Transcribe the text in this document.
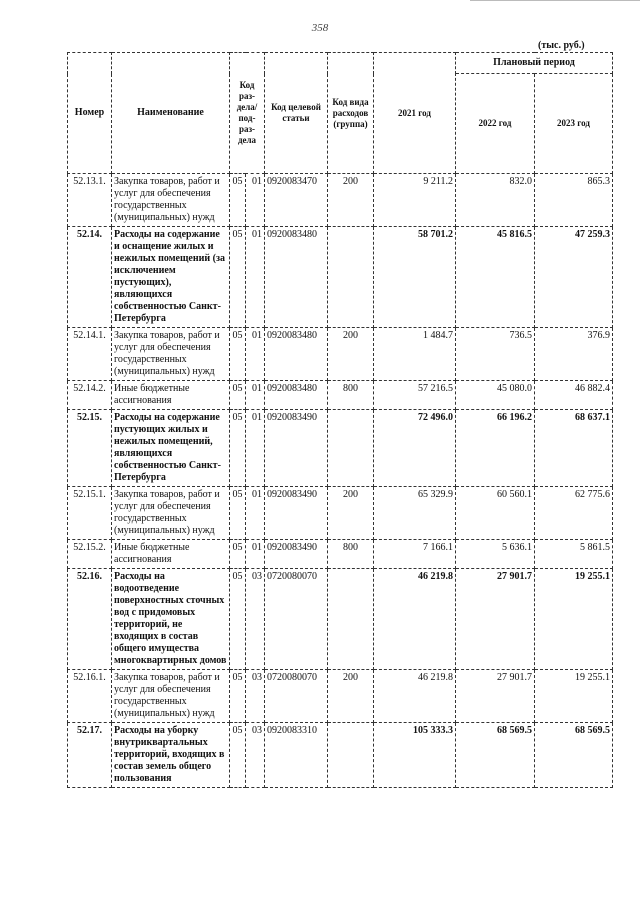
358
(тыс. руб.)
Номер	Наименование	Код раз-дела/ под-раз-дела		Код целевой статьи	Код вида расходов (группа)	2021 год	Плановый период	
							2022 год	2023 год
52.13.1.	Закупка товаров, работ и услуг для обеспечения государственных (муниципальных) нужд	05	01	0920083470	200	9 211.2	832.0	865.3
52.14.	Расходы на содержание и оснащение жилых и нежилых помещений (за исключением пустующих), являющихся собственностью Санкт-Петербурга	05	01	0920083480		58 701.2	45 816.5	47 259.3
52.14.1.	Закупка товаров, работ и услуг для обеспечения государственных (муниципальных) нужд	05	01	0920083480	200	1 484.7	736.5	376.9
52.14.2.	Иные бюджетные ассигнования	05	01	0920083480	800	57 216.5	45 080.0	46 882.4
52.15.	Расходы на содержание пустующих жилых и нежилых помещений, являющихся собственностью Санкт-Петербурга	05	01	0920083490		72 496.0	66 196.2	68 637.1
52.15.1.	Закупка товаров, работ и услуг для обеспечения государственных (муниципальных) нужд	05	01	0920083490	200	65 329.9	60 560.1	62 775.6
52.15.2.	Иные бюджетные ассигнования	05	01	0920083490	800	7 166.1	5 636.1	5 861.5
52.16.	Расходы на водоотведение поверхностных сточных вод с придомовых территорий, не входящих в состав общего имущества многоквартирных домов	05	03	0720080070		46 219.8	27 901.7	19 255.1
52.16.1.	Закупка товаров, работ и услуг для обеспечения государственных (муниципальных) нужд	05	03	0720080070	200	46 219.8	27 901.7	19 255.1
52.17.	Расходы на уборку внутриквартальных территорий, входящих в состав земель общего пользования	05	03	0920083310		105 333.3	68 569.5	68 569.5
